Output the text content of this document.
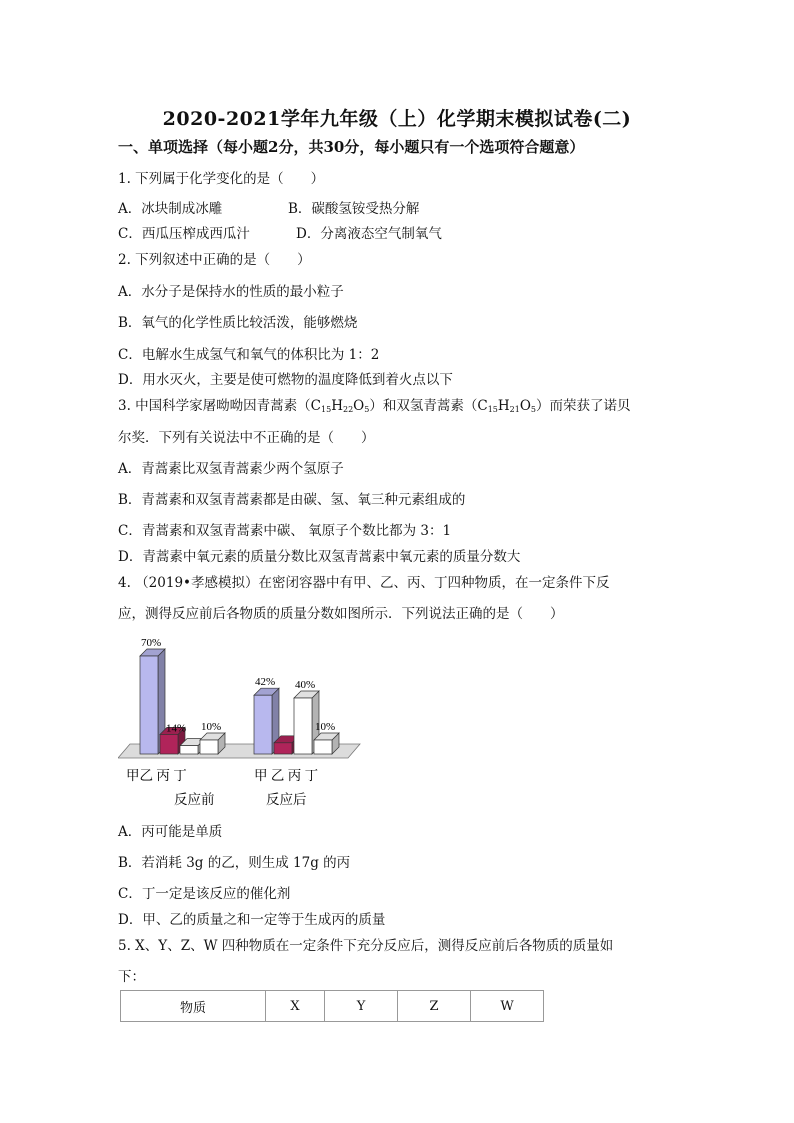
2020-2021学年九年级（上）化学期末模拟试卷(二)
一、单项选择（每小题2分，共30分，每小题只有一个选项符合题意）
1. 下列属于化学变化的是（　　）
A．冰块制成冰雕	B．碳酸氢铵受热分解
C．西瓜压榨成西瓜汁	D．分离液态空气制氧气
2. 下列叙述中正确的是（　　）
A．水分子是保持水的性质的最小粒子
B．氧气的化学性质比较活泼，能够燃烧
C．电解水生成氢气和氧气的体积比为 1：2
D．用水灭火，主要是使可燃物的温度降低到着火点以下
3. 中国科学家屠呦呦因青蒿素$(C_{15}H_{22}O_5)$和双氢青蒿素$(C_{15}H_{21}O_5)$而荣获了诺贝
尔奖．下列有关说法中不正确的是（　　）
A．青蒿素比双氢青蒿素少两个氢原子
B．青蒿素和双氢青蒿素都是由碳、氢、氧三种元素组成的
C．青蒿素和双氢青蒿素中碳、 氧原子个数比都为 3：1
D．青蒿素中氧元素的质量分数比双氢青蒿素中氧元素的质量分数大
4. （2019•孝感模拟）在密闭容器中有甲、乙、丙、丁四种物质，在一定条件下反
应，测得反应前后各物质的质量分数如图所示．下列说法正确的是（　　）
70%
14% 10%
42% 40%
10%
甲乙 丙 丁	甲 乙 丙 丁
反应前	反应后
A．丙可能是单质
B．若消耗 3g 的乙，则生成 17g 的丙
C．丁一定是该反应的催化剂
D．甲、乙的质量之和一定等于生成丙的质量
5. X、Y、Z、W 四种物质在一定条件下充分反应后，测得反应前后各物质的质量如
下：
物质	X	Y	Z	W
